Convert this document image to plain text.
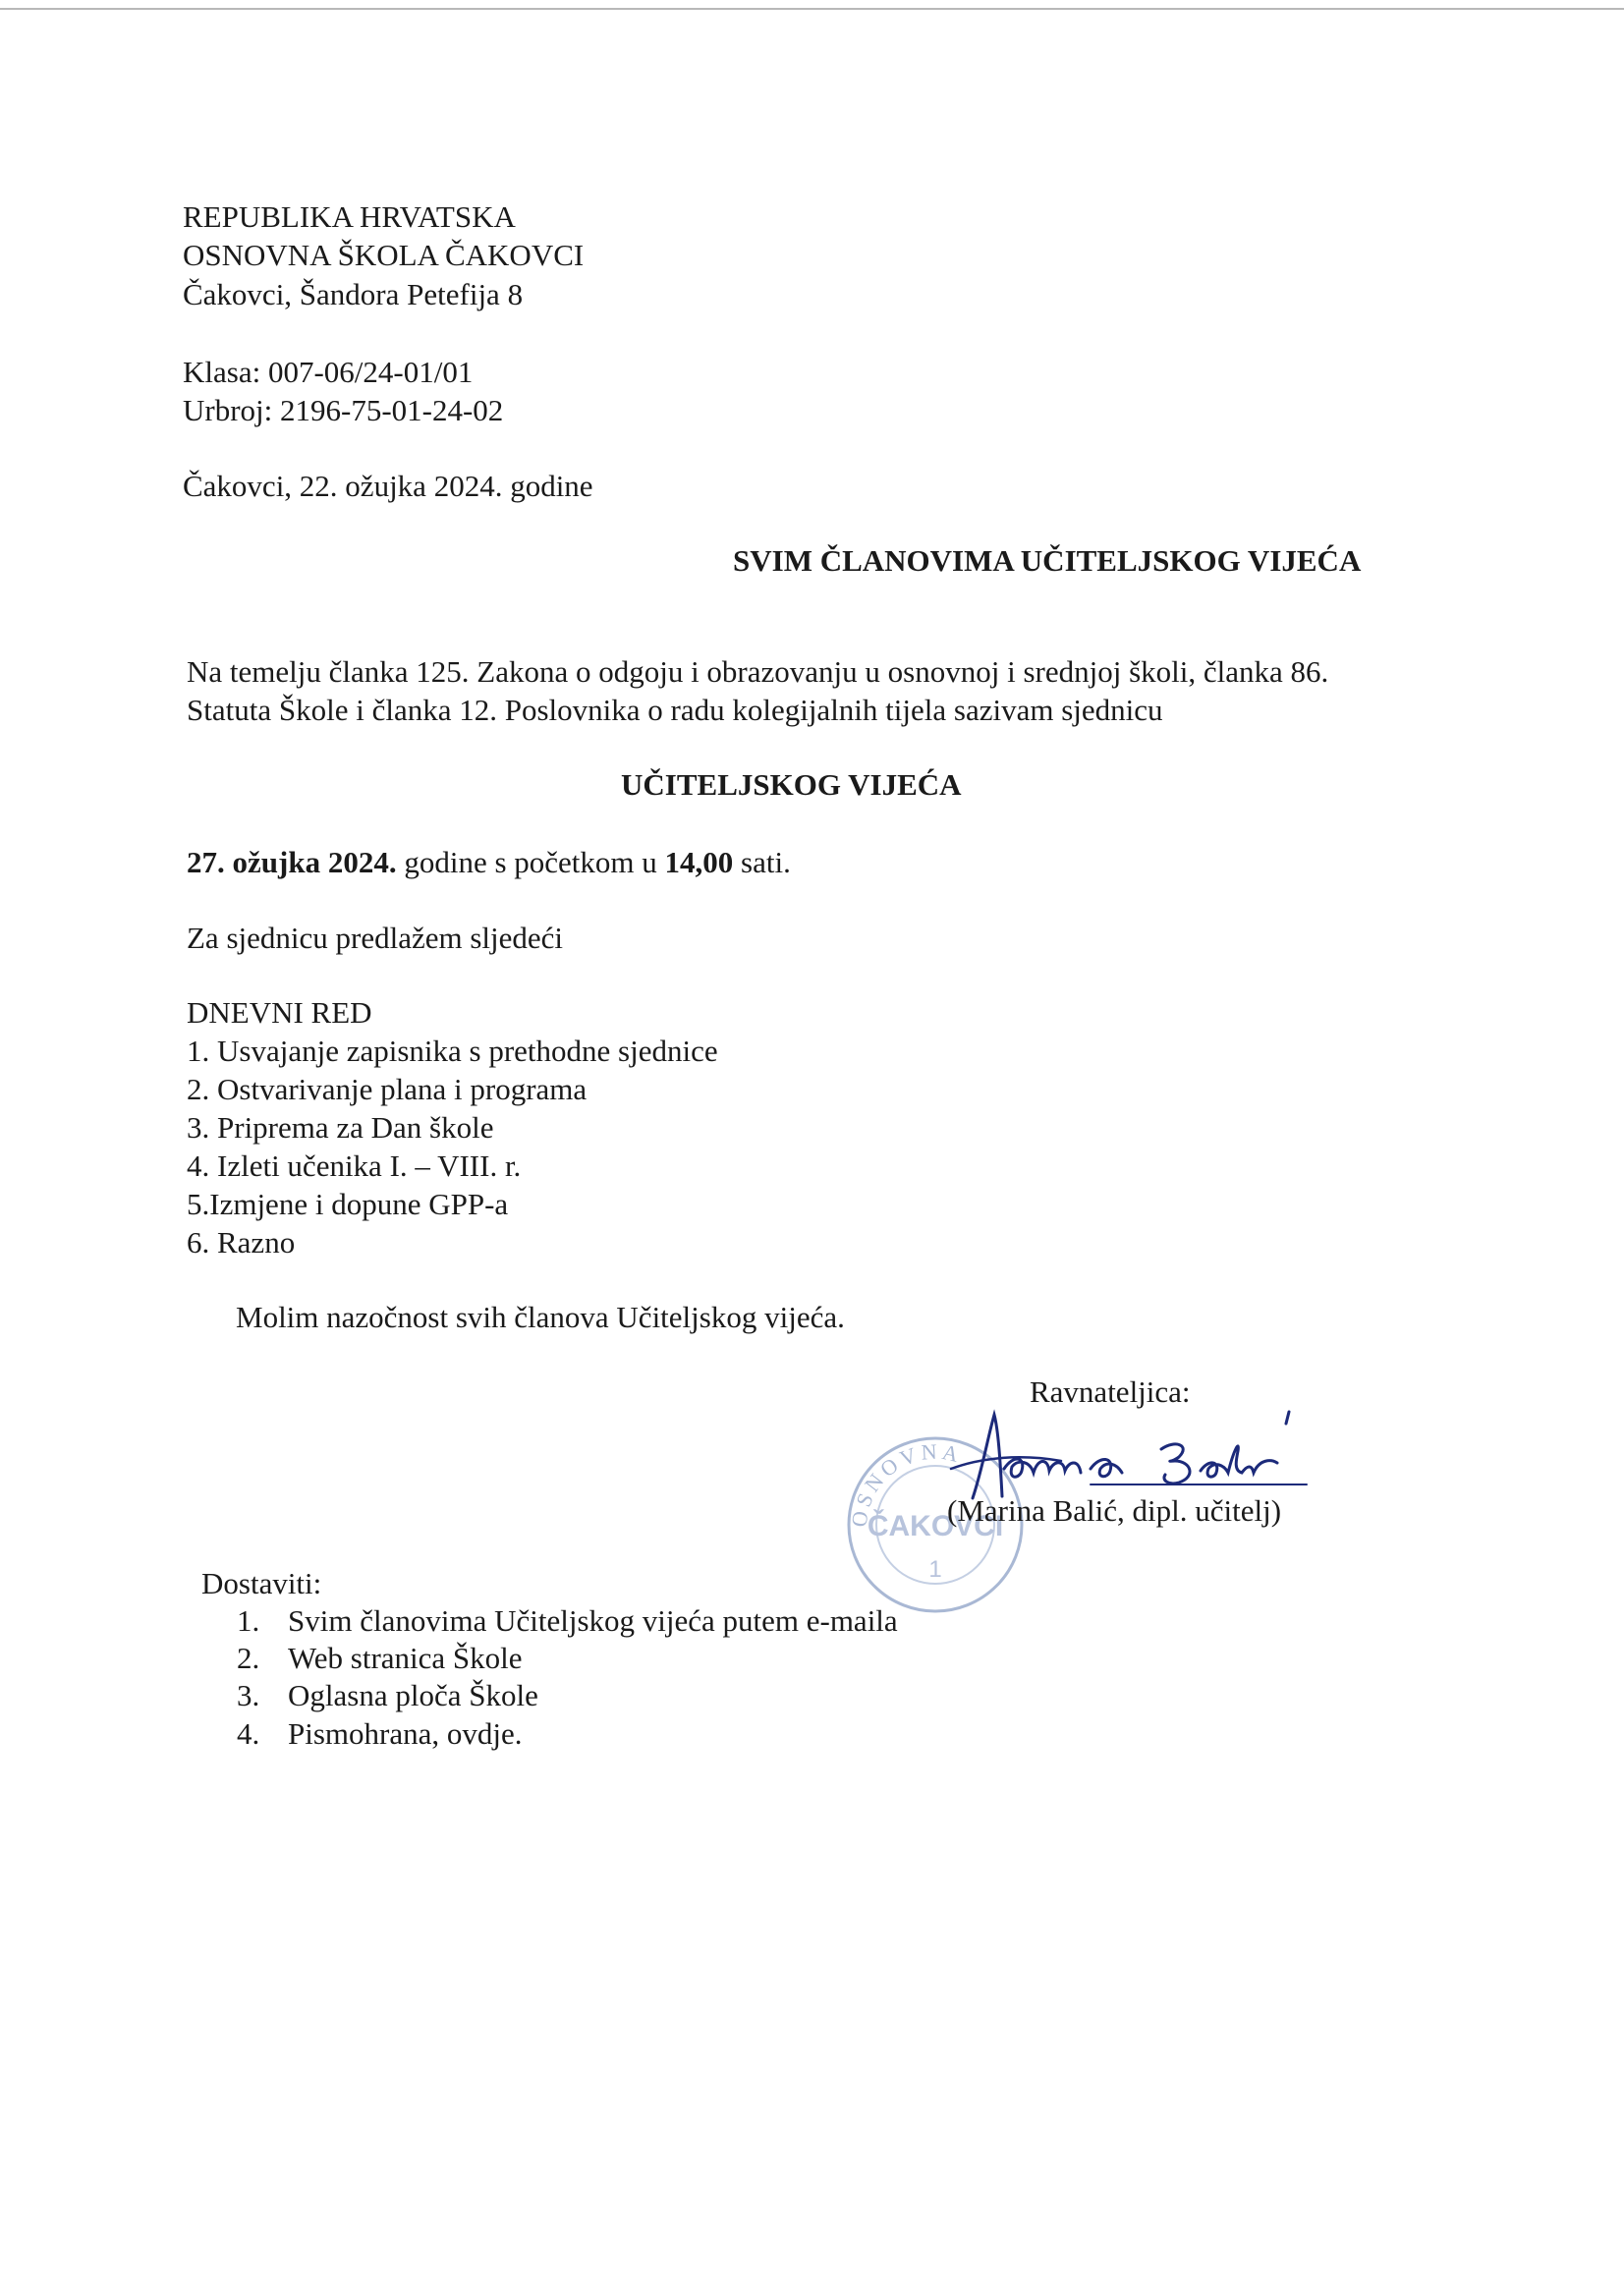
REPUBLIKA HRVATSKA
OSNOVNA ŠKOLA ČAKOVCI
Čakovci, Šandora Petefija 8
Klasa: 007-06/24-01/01
Urbroj: 2196-75-01-24-02
Čakovci, 22. ožujka 2024. godine
SVIM ČLANOVIMA UČITELJSKOG VIJEĆA
Na temelju članka 125. Zakona o odgoju i obrazovanju u osnovnoj i srednjoj školi, članka 86.
Statuta Škole i članka 12. Poslovnika o radu kolegijalnih tijela sazivam sjednicu
UČITELJSKOG VIJEĆA
27. ožujka 2024. godine s početkom u 14,00 sati.
Za sjednicu predlažem sljedeći
DNEVNI RED
1. Usvajanje zapisnika s prethodne sjednice
2. Ostvarivanje plana i programa
3. Priprema za Dan škole
4. Izleti učenika I. – VIII. r.
5.Izmjene i dopune GPP-a
6. Razno
Molim nazočnost svih članova Učiteljskog vijeća.
Ravnateljica:
OSNOVNA
ČAKOVCI
1
(Marina Balić, dipl. učitelj)
Dostaviti:
1. Svim članovima Učiteljskog vijeća putem e-maila
2. Web stranica Škole
3. Oglasna ploča Škole
4. Pismohrana, ovdje.
